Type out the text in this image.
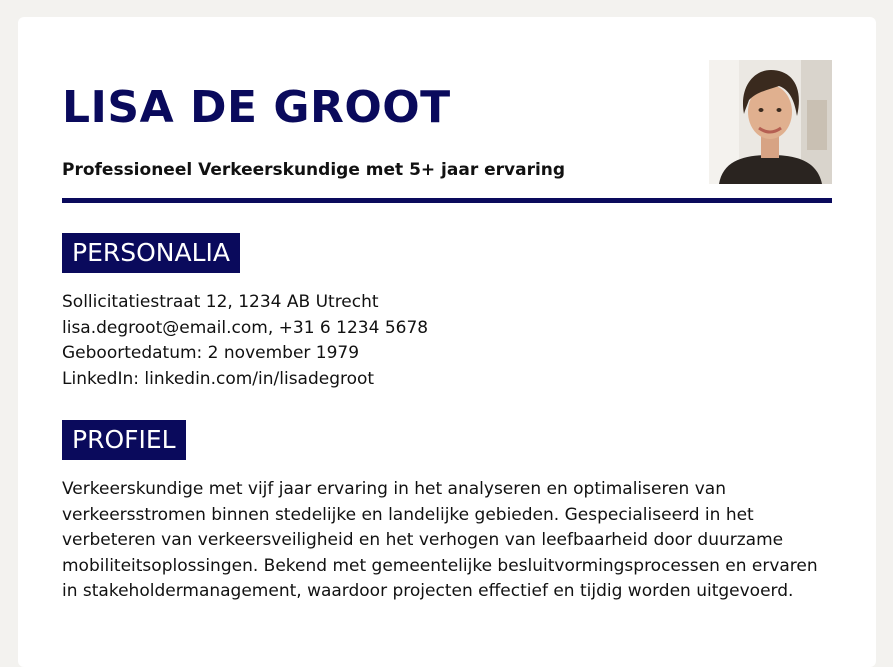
LISA DE GROOT
Professioneel Verkeerskundige met 5+ jaar ervaring
PERSONALIA
Sollicitatiestraat 12, 1234 AB Utrecht
lisa.degroot@email.com, +31 6 1234 5678
Geboortedatum: 2 november 1979
LinkedIn: linkedin.com/in/lisadegroot
PROFIEL

Verkeerskundige met vijf jaar ervaring in het analyseren en optimaliseren van verkeersstromen binnen stedelijke en landelijke gebieden. Gespecialiseerd in het verbeteren van verkeersveiligheid en het verhogen van leefbaarheid door duurzame mobiliteitsoplossingen. Bekend met gemeentelijke besluitvormingsprocessen en ervaren in stakeholdermanagement, waardoor projecten effectief en tijdig worden uitgevoerd.
